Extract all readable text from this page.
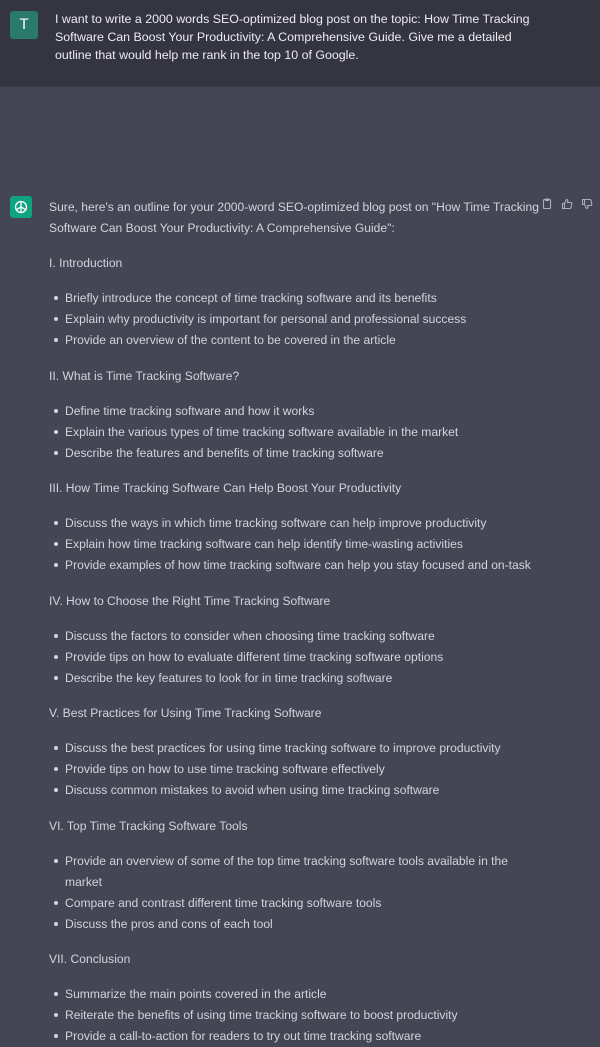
T	I want to write a 2000 words SEO-optimized blog post on the topic: How Time Tracking Software Can Boost Your Productivity: A Comprehensive Guide. Give me a detailed outline that would help me rank in the top 10 of Google.
Sure, here's an outline for your 2000-word SEO-optimized blog post on "How Time Tracking Software Can Boost Your Productivity: A Comprehensive Guide":
I. Introduction
Briefly introduce the concept of time tracking software and its benefits
Explain why productivity is important for personal and professional success
Provide an overview of the content to be covered in the article
II. What is Time Tracking Software?
Define time tracking software and how it works
Explain the various types of time tracking software available in the market
Describe the features and benefits of time tracking software
III. How Time Tracking Software Can Help Boost Your Productivity
Discuss the ways in which time tracking software can help improve productivity
Explain how time tracking software can help identify time-wasting activities
Provide examples of how time tracking software can help you stay focused and on-task
IV. How to Choose the Right Time Tracking Software
Discuss the factors to consider when choosing time tracking software
Provide tips on how to evaluate different time tracking software options
Describe the key features to look for in time tracking software
V. Best Practices for Using Time Tracking Software
Discuss the best practices for using time tracking software to improve productivity
Provide tips on how to use time tracking software effectively
Discuss common mistakes to avoid when using time tracking software
VI. Top Time Tracking Software Tools
Provide an overview of some of the top time tracking software tools available in the market
Compare and contrast different time tracking software tools
Discuss the pros and cons of each tool
VII. Conclusion
Summarize the main points covered in the article
Reiterate the benefits of using time tracking software to boost productivity
Provide a call-to-action for readers to try out time tracking software
